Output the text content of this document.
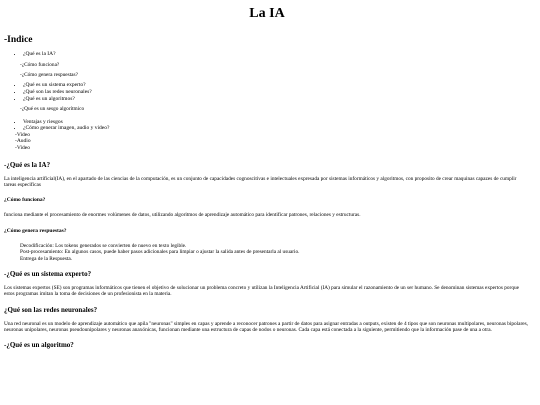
La IA
-Indice
• ¿Qué es la IA?

-¿Cómo funciona?

-¿Cómo genera respuestas?

• ¿Qué es un sistema experto?
• ¿Qué son las redes neuronales?
• ¿Qué es un algoritmos?

-¿Qué es un sesgo algorítmico

• Ventajas y riesgos
• ¿Cómo generar imagen, audio y video?
-Video
-Audio
-Video
-¿Qué es la IA?

La inteligencia artificial(IA), en el apartado de las ciencias de la computación, es un conjunto de capacidades cognoscitivas e intelectuales expresada por sistemas informáticos y algoritmos, con proposito de crear maquinas capazes de cumplir tareas especificas

¿Cómo funciona?

funciona mediante el procesamiento de enormes volúmenes de datos, utilizando algoritmos de aprendizaje automático para identificar patrones, relaciones y estructuras.

¿Cómo genera respuestas?
Decodificación: Los tokens generados se convierten de nuevo en texto legible.
Post-procesamiento: En algunos casos, puede haber pasos adicionales para limpiar o ajustar la salida antes de presentarla al usuario.
Entrega de la Respuesta.
-¿Qué es un sistema experto?

Los sistemas expertos (SE) son programas informáticos que tienen el objetivo de solucionar un problema concreto y utilizan la Inteligencia Artificial (IA) para simular el razonamiento de un ser humano. Se denominan sistemas expertos porque estos programas imitan la toma de decisiones de un profesionista en la materia.

¿Qué son las redes neuronales?

Una red neuronal es un modelo de aprendizaje automático que apila "neuronas" simples en capas y aprende a reconocer patrones a partir de datos para asignar entradas a outputs, existen de 4 tipos que son neuronas multipolares, neuronas bipolares, neuronas unipolares, neuronas pseudounipolares y neuronas anaxónicas, funcionan mediante una estructura de capas de nodos o neuronas. Cada capa está conectada a la siguiente, permitiendo que la información pase de una a otra.

-¿Qué es un algoritmo?
